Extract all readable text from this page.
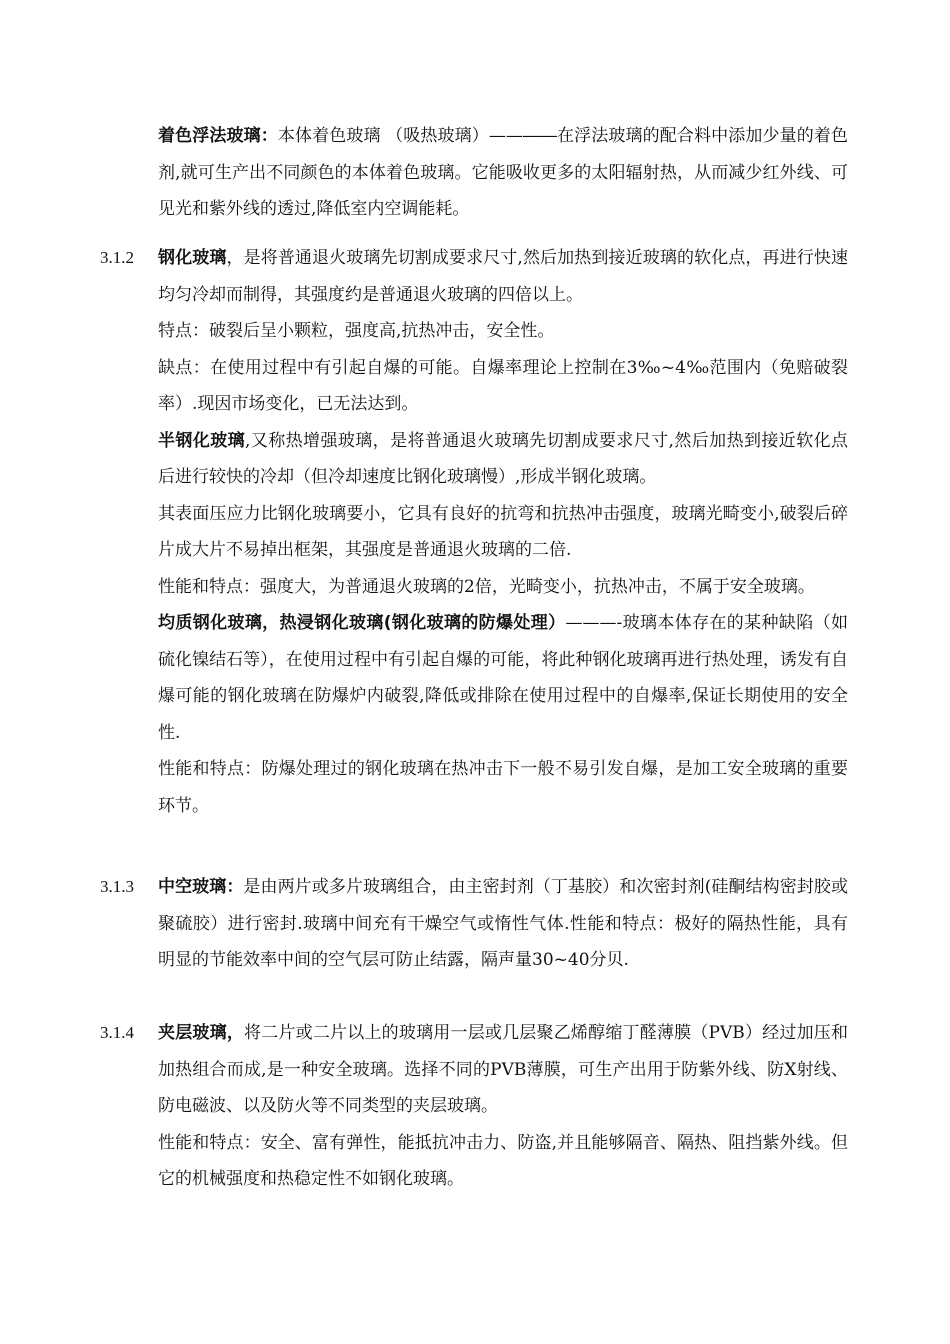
着色浮法玻璃：本体着色玻璃 （吸热玻璃）——――在浮法玻璃的配合料中添加少量的着色剂,就可生产出不同颜色的本体着色玻璃。它能吸收更多的太阳辐射热，从而减少红外线、可见光和紫外线的透过,降低室内空调能耗。

3.1.2 钢化玻璃，是将普通退火玻璃先切割成要求尺寸,然后加热到接近玻璃的软化点，再进行快速均匀冷却而制得，其强度约是普通退火玻璃的四倍以上。

特点：破裂后呈小颗粒，强度高,抗热冲击，安全性。

缺点：在使用过程中有引起自爆的可能。自爆率理论上控制在3‰~4‰范围内（免赔破裂率）.现因市场变化，已无法达到。

半钢化玻璃,又称热增强玻璃，是将普通退火玻璃先切割成要求尺寸,然后加热到接近软化点后进行较快的冷却（但冷却速度比钢化玻璃慢）,形成半钢化玻璃。

其表面压应力比钢化玻璃要小，它具有良好的抗弯和抗热冲击强度，玻璃光畸变小,破裂后碎片成大片不易掉出框架，其强度是普通退火玻璃的二倍.

性能和特点：强度大，为普通退火玻璃的2倍，光畸变小，抗热冲击，不属于安全玻璃。

均质钢化玻璃，热浸钢化玻璃(钢化玻璃的防爆处理）———-玻璃本体存在的某种缺陷（如硫化镍结石等），在使用过程中有引起自爆的可能，将此种钢化玻璃再进行热处理，诱发有自爆可能的钢化玻璃在防爆炉内破裂,降低或排除在使用过程中的自爆率,保证长期使用的安全性.

性能和特点：防爆处理过的钢化玻璃在热冲击下一般不易引发自爆，是加工安全玻璃的重要环节。

3.1.3 中空玻璃：是由两片或多片玻璃组合，由主密封剂（丁基胶）和次密封剂(硅酮结构密封胶或聚硫胶）进行密封.玻璃中间充有干燥空气或惰性气体.性能和特点：极好的隔热性能，具有明显的节能效率中间的空气层可防止结露，隔声量30~40分贝.

3.1.4 夹层玻璃，将二片或二片以上的玻璃用一层或几层聚乙烯醇缩丁醛薄膜（PVB）经过加压和加热组合而成,是一种安全玻璃。选择不同的PVB薄膜，可生产出用于防紫外线、防X射线、防电磁波、以及防火等不同类型的夹层玻璃。

性能和特点：安全、富有弹性，能抵抗冲击力、防盗,并且能够隔音、隔热、阻挡紫外线。但它的机械强度和热稳定性不如钢化玻璃。
